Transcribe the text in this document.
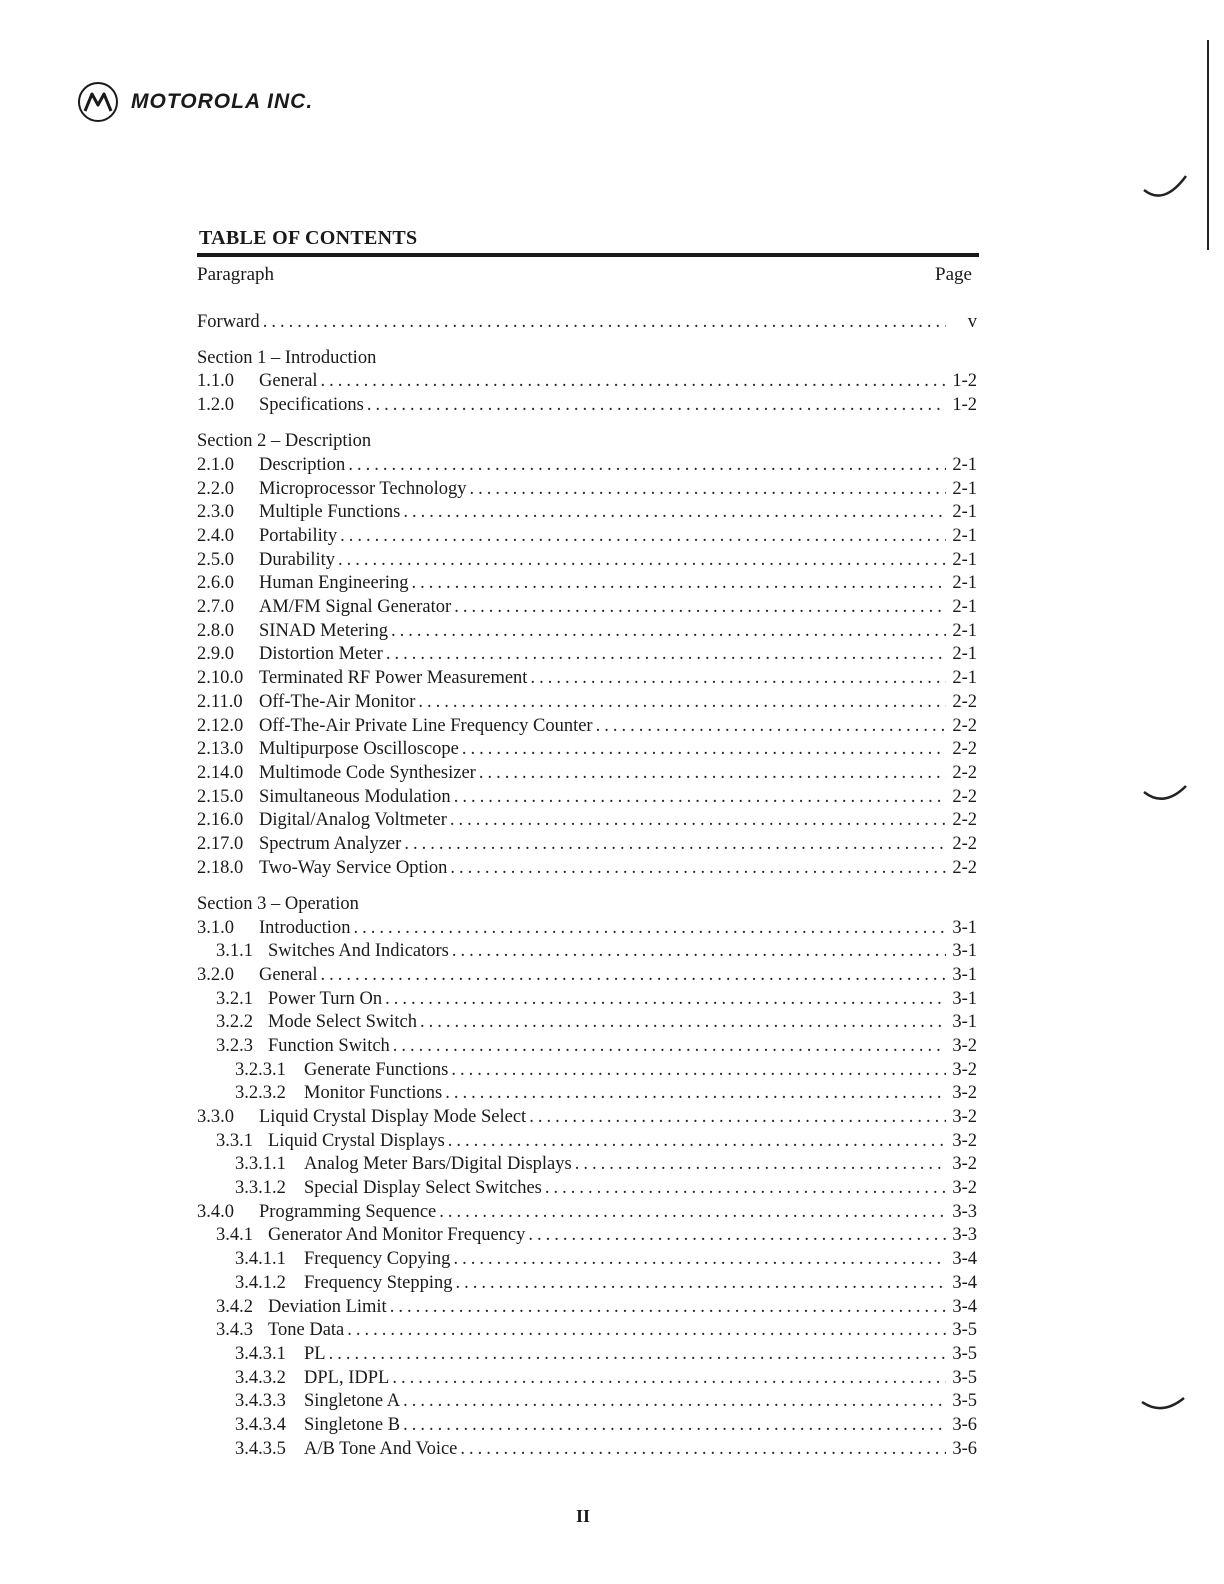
MOTOROLA INC.
TABLE OF CONTENTS
Paragraph	Page
Forward .....	v
Section 1 – Introduction
1.1.0	General .....	1-2
1.2.0	Specifications .....	1-2
Section 2 – Description
2.1.0	Description .....	2-1
2.2.0	Microprocessor Technology .....	2-1
2.3.0	Multiple Functions .....	2-1
2.4.0	Portability .....	2-1
2.5.0	Durability .....	2-1
2.6.0	Human Engineering .....	2-1
2.7.0	AM/FM Signal Generator .....	2-1
2.8.0	SINAD Metering .....	2-1
2.9.0	Distortion Meter .....	2-1
2.10.0 Terminated RF Power Measurement .....	2-1
2.11.0 Off-The-Air Monitor .....	2-2
2.12.0 Off-The-Air Private Line Frequency Counter .....	2-2
2.13.0 Multipurpose Oscilloscope .....	2-2
2.14.0 Multimode Code Synthesizer .....	2-2
2.15.0 Simultaneous Modulation .....	2-2
2.16.0 Digital/Analog Voltmeter .....	2-2
2.17.0 Spectrum Analyzer .....	2-2
2.18.0 Two-Way Service Option .....	2-2
Section 3 – Operation
3.1.0	Introduction .....	3-1
3.1.1 Switches And Indicators .....	3-1
3.2.0	General .....	3-1
3.2.1 Power Turn On .....	3-1
3.2.2 Mode Select Switch .....	3-1
3.2.3 Function Switch .....	3-2
3.2.3.1 Generate Functions .....	3-2
3.2.3.2 Monitor Functions .....	3-2
3.3.0	Liquid Crystal Display Mode Select .....	3-2
3.3.1 Liquid Crystal Displays .....	3-2
3.3.1.1 Analog Meter Bars/Digital Displays .....	3-2
3.3.1.2 Special Display Select Switches .....	3-2
3.4.0	Programming Sequence .....	3-3
3.4.1 Generator And Monitor Frequency .....	3-3
3.4.1.1 Frequency Copying .....	3-4
3.4.1.2 Frequency Stepping .....	3-4
3.4.2 Deviation Limit .....	3-4
3.4.3 Tone Data .....	3-5
3.4.3.1 PL .....	3-5
3.4.3.2 DPL, IDPL .....	3-5
3.4.3.3 Singletone A .....	3-5
3.4.3.4 Singletone B .....	3-6
3.4.3.5 A/B Tone And Voice .....	3-6
II
